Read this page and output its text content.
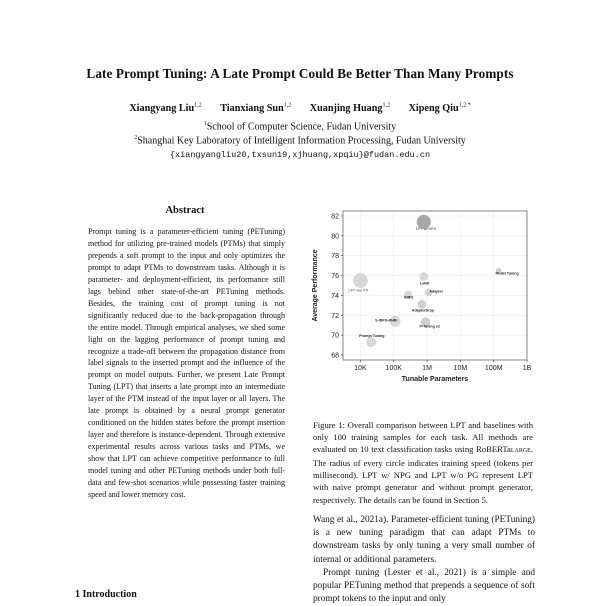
Late Prompt Tuning: A Late Prompt Could Be Better Than Many Prompts
Xiangyang Liu$^{1,2}$ Tianxiang Sun$^{1,2}$ Xuanjing Huang$^{1,2}$ Xipeng Qiu$^{1,2 *}$
$^1$School of Computer Science, Fudan University
$^2$Shanghai Key Laboratory of Intelligent Information Processing, Fudan University
{xiangyangliu20,txsun19,xjhuang,xpqiu}@fudan.edu.cn
Abstract

Prompt tuning is a parameter-efficient tuning (PETuning) method for utilizing pre-trained models (PTMs) that simply prepends a soft prompt to the input and only optimizes the prompt to adapt PTMs to downstream tasks. Although it is parameter- and deployment-efficient, its performance still lags behind other state-of-the-art PETuning methods. Besides, the training cost of prompt tuning is not significantly reduced due to the back-propagation through the entire model. Through empirical analyses, we shed some light on the lagging performance of prompt tuning and recognize a trade-off between the propagation distance from label signals to the inserted prompt and the influence of the prompt on model outputs. Further, we present Late Prompt Tuning (LPT) that inserts a late prompt into an intermediate layer of the PTM instead of the input layer or all layers. The late prompt is obtained by a neural prompt generator conditioned on the hidden states before the prompt insertion layer and therefore is instance-dependent. Through extensive experimental results across various tasks and PTMs, we show that LPT can achieve competitive performance to full model tuning and other PETuning methods under both full-data and few-shot scenarios while possessing faster training speed and lower memory cost.

1 Introduction
68
70
72
74
76
78
80
82
10K	100K	1M	10M	100M	1B
Tunable Parameters
Average Performance
LPT w/ NPG
LPT w/o PG
Model Tuning
LoRA
BitFit
Adapter
AdapterDrop
S-IDPG-PHM
P-Tuning v2
Prompt Tuning

Figure 1: Overall comparison between LPT and baselines with only 100 training samples for each task. All methods are evaluated on 10 text classification tasks using RoBERTaLARGE. The radius of every circle indicates training speed (tokens per millisecond). LPT w/ NPG and LPT w/o PG represent LPT with naive prompt generator and without prompt generator, respectively. The details can be found in Section 5.

Wang et al., 2021a). Parameter-efficient tuning (PETuning) is a new tuning paradigm that can adapt PTMs to downstream tasks by only tuning a very small number of internal or additional parameters.

Prompt tuning (Lester et al., 2021) is a simple and popular PETuning method that prepends a sequence of soft prompt tokens to the input and only
